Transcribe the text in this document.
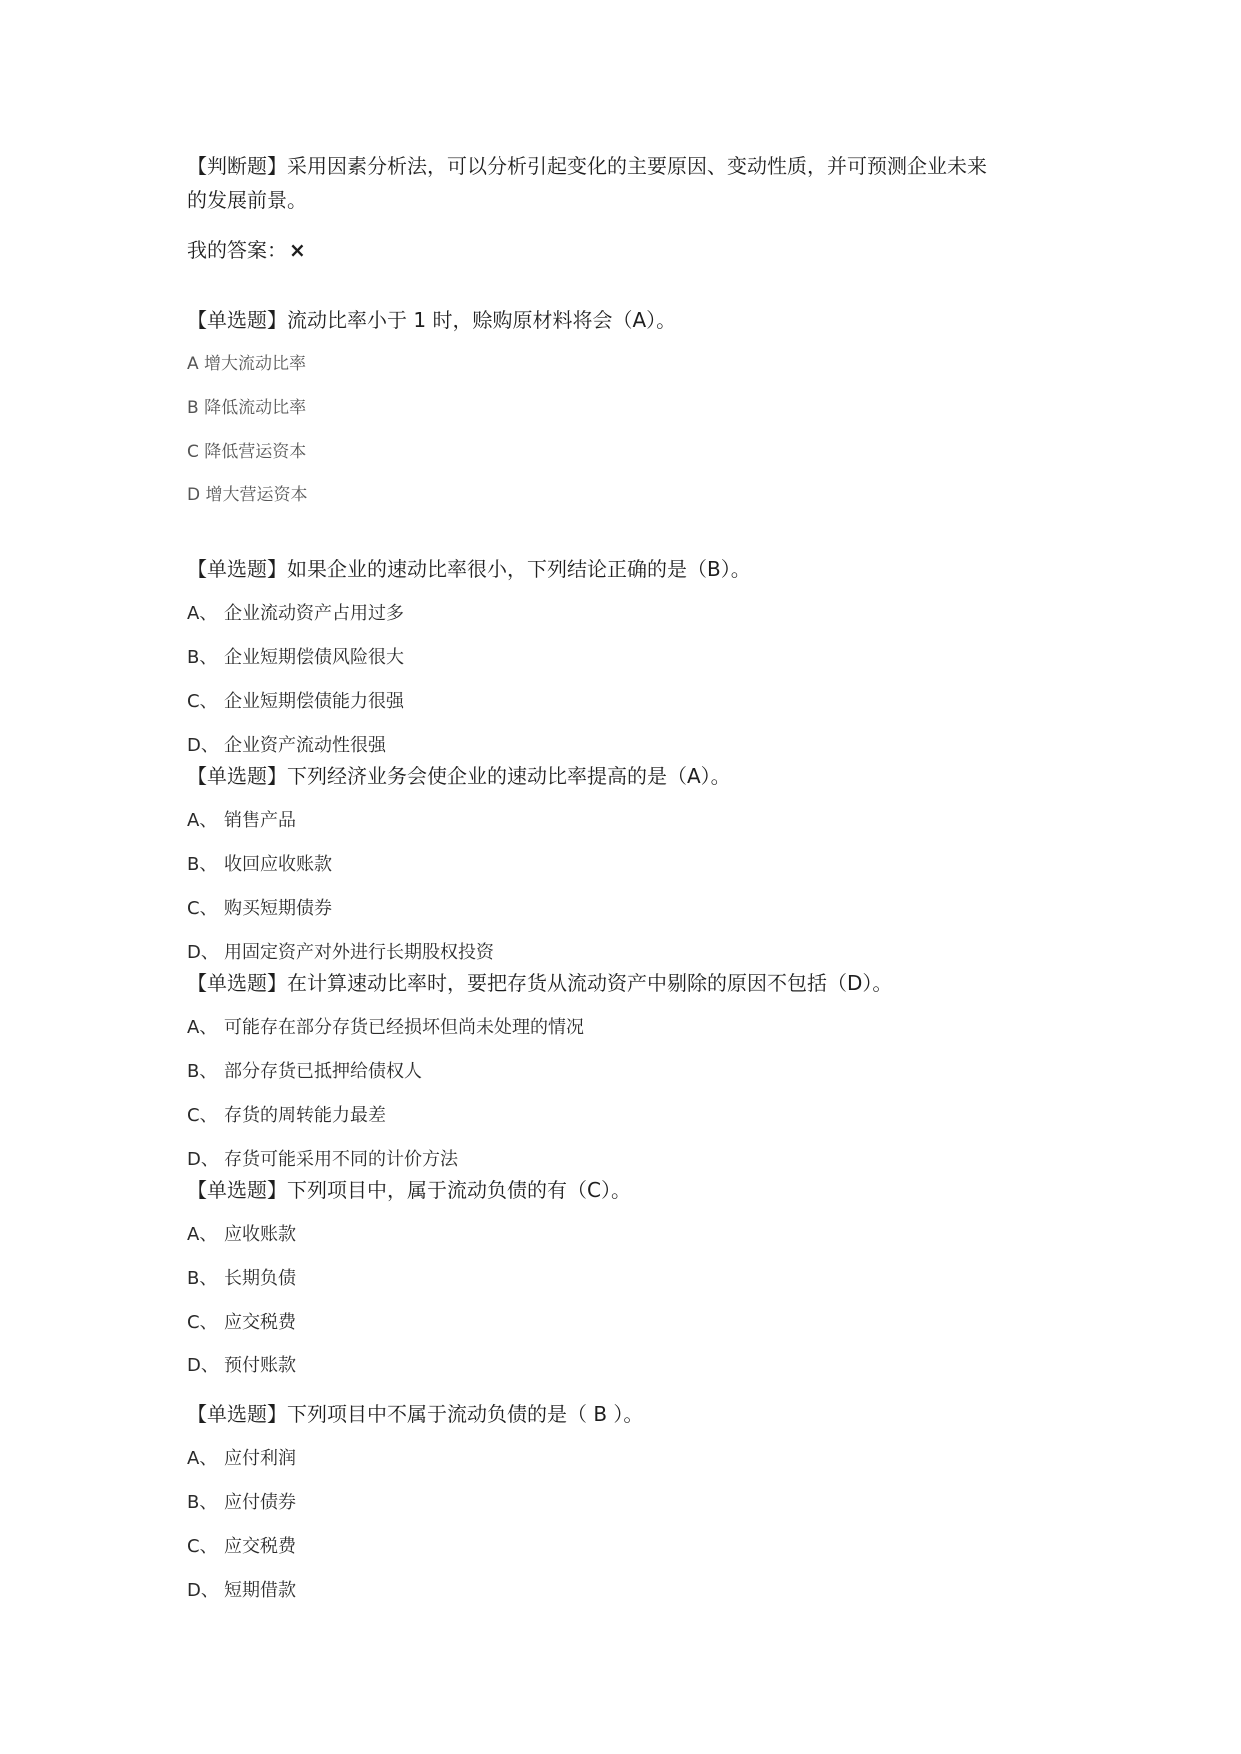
【判断题】采用因素分析法，可以分析引起变化的主要原因、变动性质，并可预测企业未来
的发展前景。
我的答案： ×
【单选题】流动比率小于 1 时，赊购原材料将会（A）。
A 增大流动比率
B 降低流动比率
C 降低营运资本
D 增大营运资本
【单选题】如果企业的速动比率很小，下列结论正确的是（B）。
A、 企业流动资产占用过多
B、 企业短期偿债风险很大
C、 企业短期偿债能力很强
D、 企业资产流动性很强
【单选题】下列经济业务会使企业的速动比率提高的是（A）。
A、 销售产品
B、 收回应收账款
C、 购买短期债券
D、 用固定资产对外进行长期股权投资
【单选题】在计算速动比率时，要把存货从流动资产中剔除的原因不包括（D）。
A、 可能存在部分存货已经损坏但尚未处理的情况
B、 部分存货已抵押给债权人
C、 存货的周转能力最差
D、 存货可能采用不同的计价方法
【单选题】下列项目中，属于流动负债的有（C）。
A、 应收账款
B、 长期负债
C、 应交税费
D、 预付账款
【单选题】下列项目中不属于流动负债的是（ B ）。
A、 应付利润
B、 应付债券
C、 应交税费
D、 短期借款
